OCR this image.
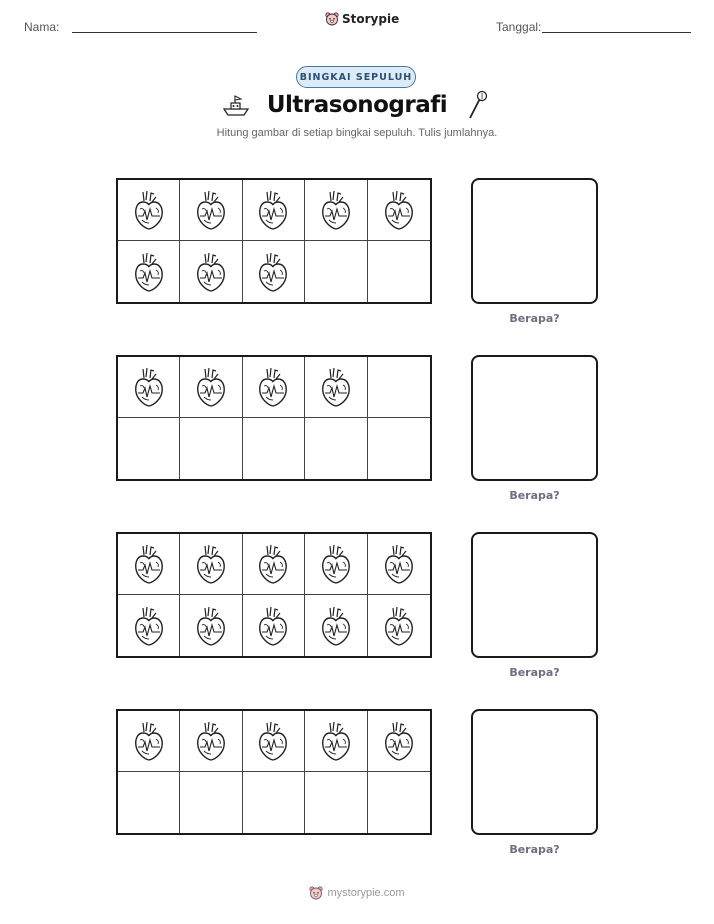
Nama:
Storypie
Tanggal:
BINGKAI SEPULUH
Ultrasonografi
Hitung gambar di setiap bingkai sepuluh. Tulis jumlahnya.
Berapa?
Berapa?
Berapa?
Berapa?
mystorypie.com
